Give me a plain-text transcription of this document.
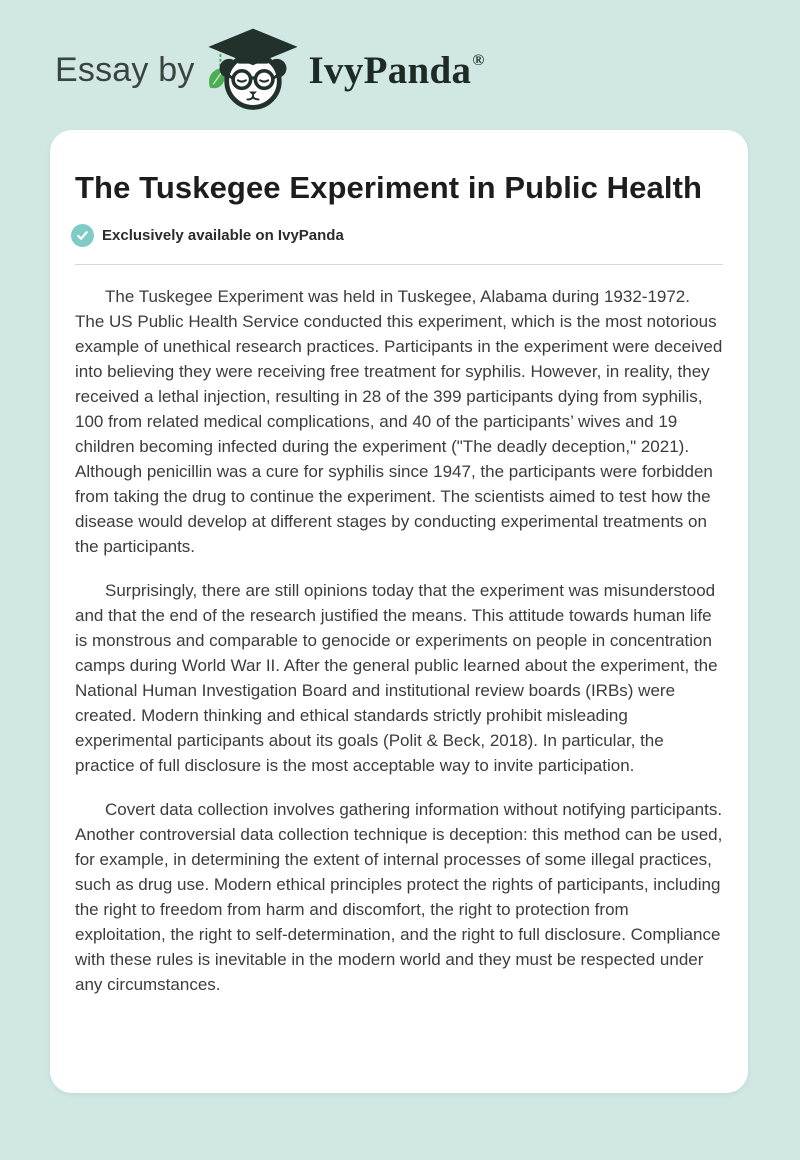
Essay by	IvyPanda®
The Tuskegee Experiment in Public Health
Exclusively available on IvyPanda

The Tuskegee Experiment was held in Tuskegee, Alabama during 1932-1972. The US Public Health Service conducted this experiment, which is the most notorious example of unethical research practices. Participants in the experiment were deceived into believing they were receiving free treatment for syphilis. However, in reality, they received a lethal injection, resulting in 28 of the 399 participants dying from syphilis, 100 from related medical complications, and 40 of the participants’ wives and 19 children becoming infected during the experiment ("The deadly deception," 2021). Although penicillin was a cure for syphilis since 1947, the participants were forbidden from taking the drug to continue the experiment. The scientists aimed to test how the disease would develop at different stages by conducting experimental treatments on the participants.

Surprisingly, there are still opinions today that the experiment was misunderstood and that the end of the research justified the means. This attitude towards human life is monstrous and comparable to genocide or experiments on people in concentration camps during World War II. After the general public learned about the experiment, the National Human Investigation Board and institutional review boards (IRBs) were created. Modern thinking and ethical standards strictly prohibit misleading experimental participants about its goals (Polit & Beck, 2018). In particular, the practice of full disclosure is the most acceptable way to invite participation.

Covert data collection involves gathering information without notifying participants. Another controversial data collection technique is deception: this method can be used, for example, in determining the extent of internal processes of some illegal practices, such as drug use. Modern ethical principles protect the rights of participants, including the right to freedom from harm and discomfort, the right to protection from exploitation, the right to self-determination, and the right to full disclosure. Compliance with these rules is inevitable in the modern world and they must be respected under any circumstances.
